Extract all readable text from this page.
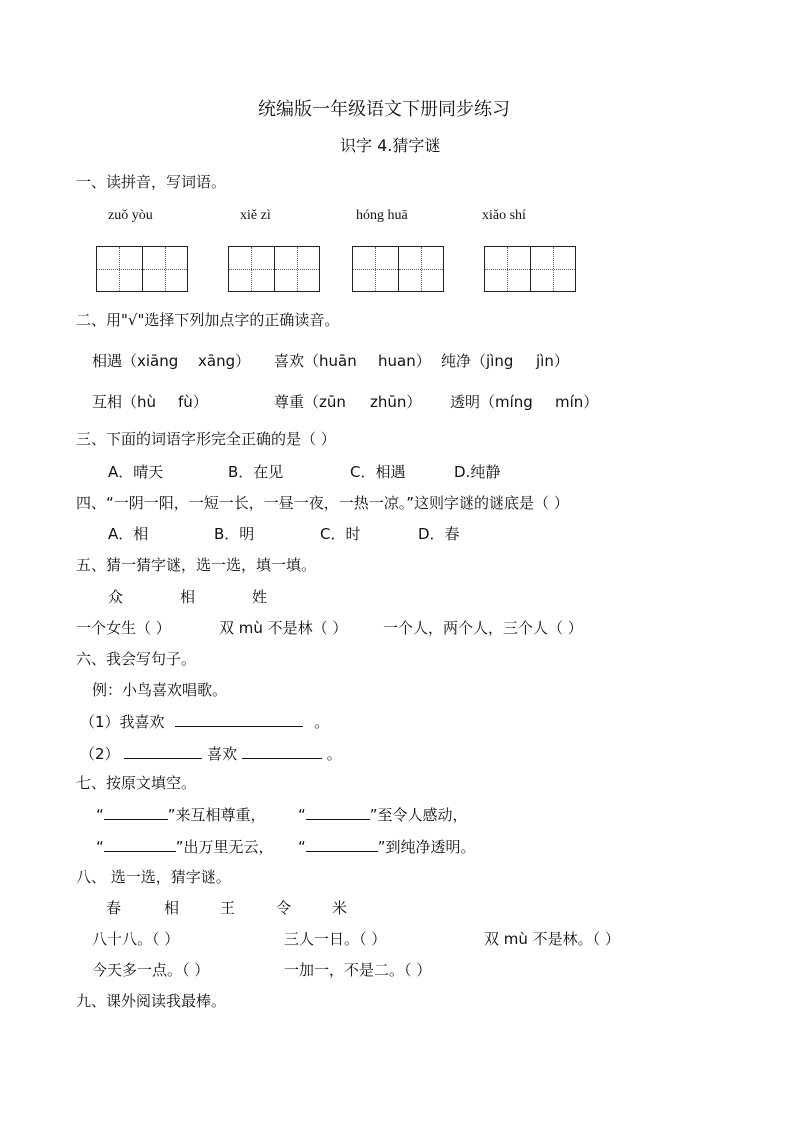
统编版一年级语文下册同步练习
识字 4.猜字谜
一、读拼音，写词语。
zuǒ yòu	xiě zì	hóng huā	xiǎo shí
二、用"√"选择下列加点字的正确读音。
相遇（xiāng xāng） 喜欢（huān huan） 纯净（jìng jìn）
互相（hù fù）	尊重（zūn zhūn） 透明（míng mín）
三、下面的词语字形完全正确的是（ ）
A．晴天	B．在见	C．相遇	D.纯静
四、“一阴一阳，一短一长，一昼一夜，一热一凉。”这则字谜的谜底是（ ）
A．相	B．明	C．时	D．春
五、猜一猜字谜，选一选，填一填。
众	相	姓
一个女生（ ）	双 mù 不是林（ ） 一个人，两个人，三个人（ ）
六、我会写句子。
例：小鸟喜欢唱歌。
（1）我喜欢	。
（2）	喜欢	。
七、按原文填空。
“	”来互相尊重， “	”至令人感动，
“	”出万里无云， “	”到纯净透明。
八、 选一选，猜字谜。
春	相	王	令	米
八十八。（ ）	三人一日。（ ）	双 mù 不是林。（ ）
今天多一点。（ ）	一加一，不是二。（ ）
九、课外阅读我最棒。
